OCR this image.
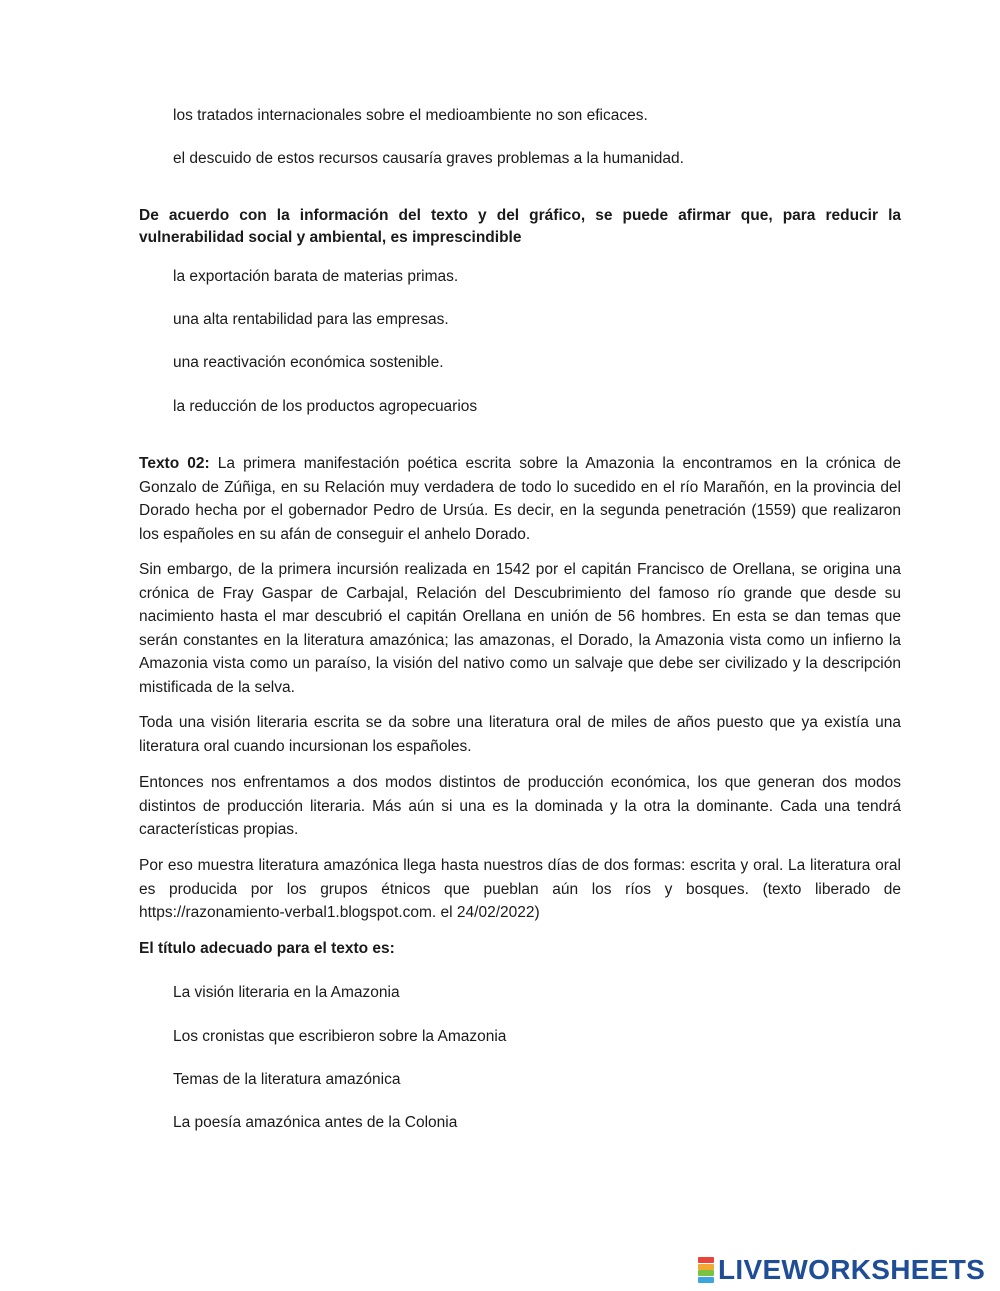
los tratados internacionales sobre el medioambiente no son eficaces.
el descuido de estos recursos causaría graves problemas a la humanidad.
De acuerdo con la información del texto y del gráfico, se puede afirmar que, para reducir la vulnerabilidad social y ambiental, es imprescindible
la exportación barata de materias primas.
una alta rentabilidad para las empresas.
una reactivación económica sostenible.
la reducción de los productos agropecuarios
Texto 02: La primera manifestación poética escrita sobre la Amazonia la encontramos en la crónica de Gonzalo de Zúñiga, en su Relación muy verdadera de todo lo sucedido en el río Marañón, en la provincia del Dorado hecha por el gobernador Pedro de Ursúa. Es decir, en la segunda penetración (1559) que realizaron los españoles en su afán de conseguir el anhelo Dorado.
Sin embargo, de la primera incursión realizada en 1542 por el capitán Francisco de Orellana, se origina una crónica de Fray Gaspar de Carbajal, Relación del Descubrimiento del famoso río grande que desde su nacimiento hasta el mar descubrió el capitán Orellana en unión de 56 hombres. En esta se dan temas que serán constantes en la literatura amazónica; las amazonas, el Dorado, la Amazonia vista como un infierno la Amazonia vista como un paraíso, la visión del nativo como un salvaje que debe ser civilizado y la descripción mistificada de la selva.
Toda una visión literaria escrita se da sobre una literatura oral de miles de años puesto que ya existía una literatura oral cuando incursionan los españoles.
Entonces nos enfrentamos a dos modos distintos de producción económica, los que generan dos modos distintos de producción literaria. Más aún si una es la dominada y la otra la dominante. Cada una tendrá características propias.
Por eso muestra literatura amazónica llega hasta nuestros días de dos formas: escrita y oral. La literatura oral es producida por los grupos étnicos que pueblan aún los ríos y bosques. (texto liberado de https://razonamiento-verbal1.blogspot.com. el 24/02/2022)
El título adecuado para el texto es:
La visión literaria en la Amazonia
Los cronistas que escribieron sobre la Amazonia
Temas de la literatura amazónica
La poesía amazónica antes de la Colonia
LIVEWORKSHEETS
